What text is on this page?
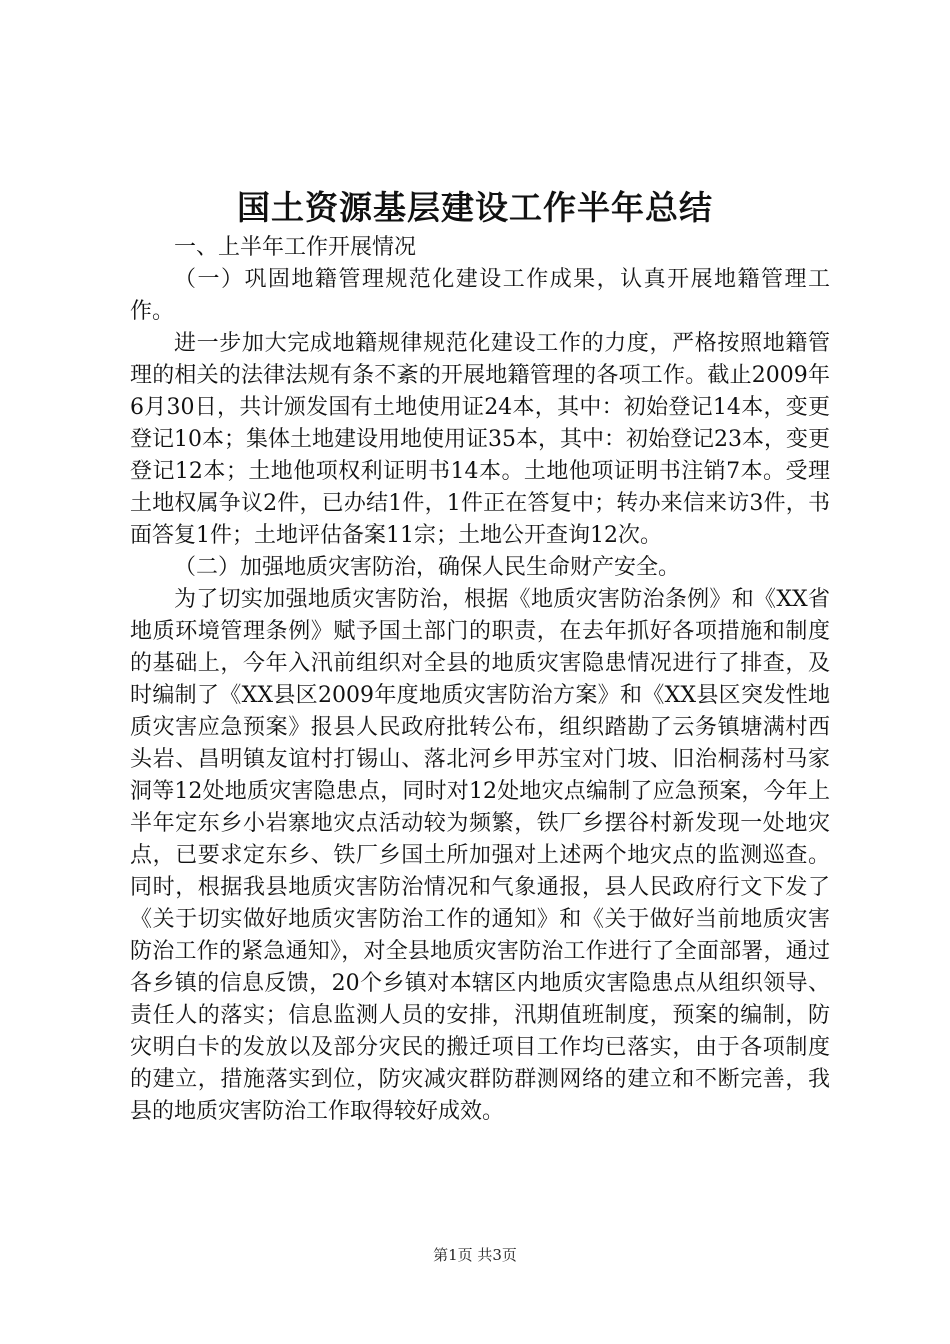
国土资源基层建设工作半年总结

一、上半年工作开展情况

（一）巩固地籍管理规范化建设工作成果，认真开展地籍管理工作。

进一步加大完成地籍规律规范化建设工作的力度，严格按照地籍管理的相关的法律法规有条不紊的开展地籍管理的各项工作。截止2009年6月30日，共计颁发国有土地使用证24本，其中：初始登记14本，变更登记10本；集体土地建设用地使用证35本，其中：初始登记23本，变更登记12本；土地他项权利证明书14本。土地他项证明书注销7本。受理土地权属争议2件，已办结1件，1件正在答复中；转办来信来访3件，书面答复1件；土地评估备案11宗；土地公开查询12次。

（二）加强地质灾害防治，确保人民生命财产安全。

为了切实加强地质灾害防治，根据《地质灾害防治条例》和《XX省地质环境管理条例》赋予国土部门的职责，在去年抓好各项措施和制度的基础上，今年入汛前组织对全县的地质灾害隐患情况进行了排查，及时编制了《XX县区2009年度地质灾害防治方案》和《XX县区突发性地质灾害应急预案》报县人民政府批转公布，组织踏勘了云务镇塘满村西头岩、昌明镇友谊村打锡山、落北河乡甲苏宝对门坡、旧治桐荡村马家洞等12处地质灾害隐患点，同时对12处地灾点编制了应急预案，今年上半年定东乡小岩寨地灾点活动较为频繁，铁厂乡摆谷村新发现一处地灾点，已要求定东乡、铁厂乡国土所加强对上述两个地灾点的监测巡查。同时，根据我县地质灾害防治情况和气象通报，县人民政府行文下发了《关于切实做好地质灾害防治工作的通知》和《关于做好当前地质灾害防治工作的紧急通知》，对全县地质灾害防治工作进行了全面部署，通过各乡镇的信息反馈，20个乡镇对本辖区内地质灾害隐患点从组织领导、责任人的落实；信息监测人员的安排，汛期值班制度，预案的编制，防灾明白卡的发放以及部分灾民的搬迁项目工作均已落实，由于各项制度的建立，措施落实到位，防灾减灾群防群测网络的建立和不断完善，我县的地质灾害防治工作取得较好成效。

第1页 共3页
